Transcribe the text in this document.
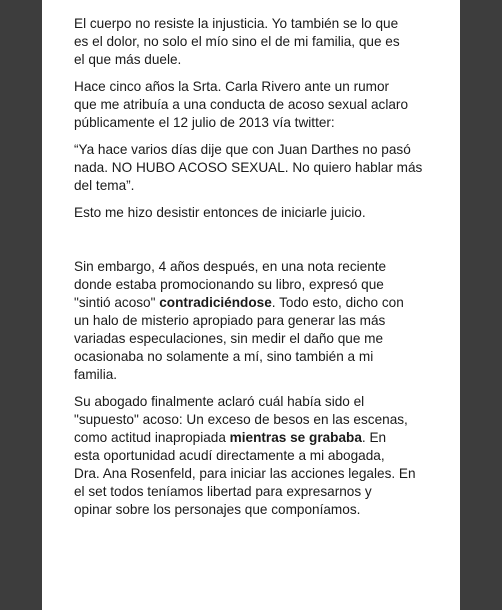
El cuerpo no resiste la injusticia. Yo también se lo que
es el dolor, no solo el mío sino el de mi familia, que es
el que más duele.

Hace cinco años la Srta. Carla Rivero ante un rumor
que me atribuía a una conducta de acoso sexual aclaro
públicamente el 12 julio de 2013 vía twitter:

“Ya hace varios días dije que con Juan Darthes no pasó
nada. NO HUBO ACOSO SEXUAL. No quiero hablar más
del tema”.

Esto me hizo desistir entonces de iniciarle juicio.

Sin embargo, 4 años después, en una nota reciente
donde estaba promocionando su libro, expresó que
"sintió acoso" contradiciéndose. Todo esto, dicho con
un halo de misterio apropiado para generar las más
variadas especulaciones, sin medir el daño que me
ocasionaba no solamente a mí, sino también a mi
familia.

Su abogado finalmente aclaró cuál había sido el
"supuesto" acoso: Un exceso de besos en las escenas,
como actitud inapropiada mientras se grababa. En
esta oportunidad acudí directamente a mi abogada,
Dra. Ana Rosenfeld, para iniciar las acciones legales. En
el set todos teníamos libertad para expresarnos y
opinar sobre los personajes que componíamos.
